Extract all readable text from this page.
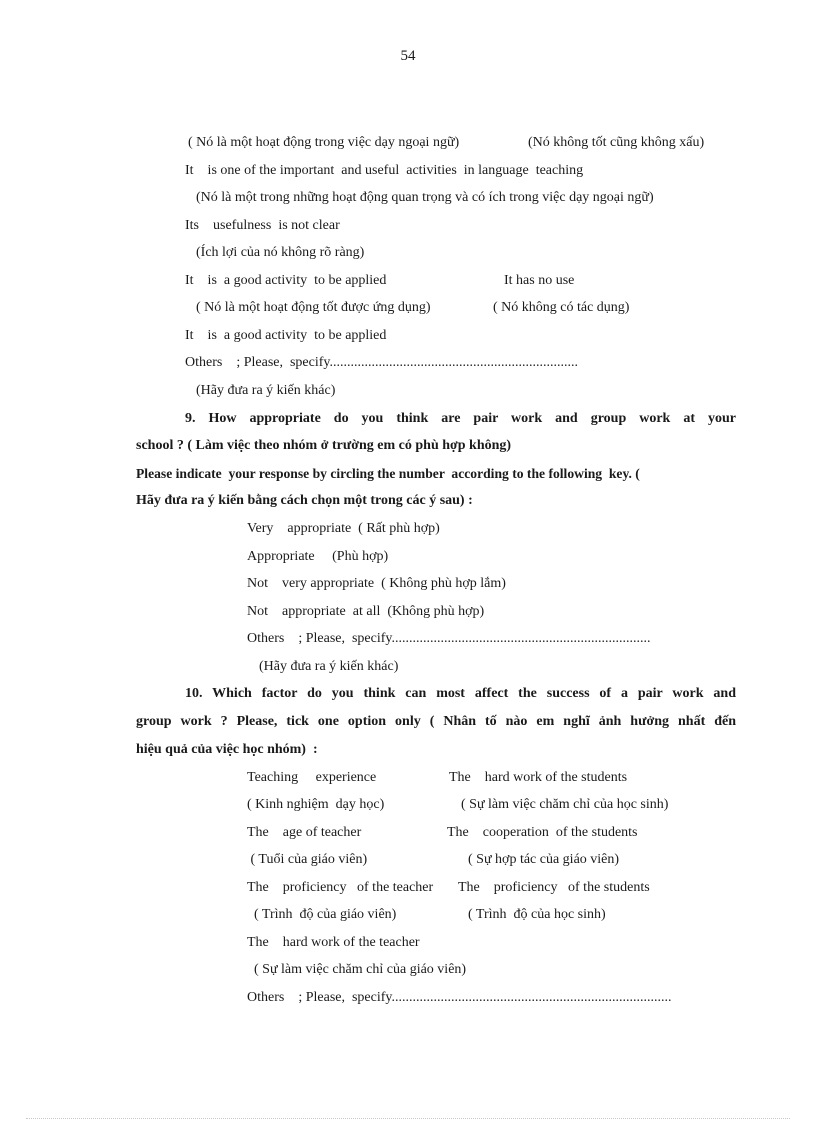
54
( Nó là một hoạt động trong việc dạy ngoại ngữ)	(Nó không tốt cũng không xấu)
It    is one of the important  and useful  activities  in language  teaching
(Nó là một trong những hoạt động quan trọng và có ích trong việc dạy ngoại ngữ)
Its    usefulness  is not clear
(Ích lợi của nó không rõ ràng)
It    is  a good activity  to be applied	It has no use
( Nó là một hoạt động tốt được ứng dụng)	( Nó không có tác dụng)
It    is  a good activity  to be applied
Others    ; Please,  specify.......................................................................
(Hãy đưa ra ý kiến khác)
9. How appropriate do you think are pair work and group work at your
school ? ( Làm việc theo nhóm ở trường em có phù hợp không)
Please indicate  your response by circling the number  according to the following  key. (
Hãy đưa ra ý kiến bằng cách chọn một trong các ý sau) :
Very    appropriate  ( Rất phù hợp)
Appropriate     (Phù hợp)
Not    very appropriate  ( Không phù hợp lắm)
Not    appropriate  at all  (Không phù hợp)
Others    ; Please,  specify..........................................................................
(Hãy đưa ra ý kiến khác)
10. Which factor do you think can most affect the success of a pair work and
group work ? Please, tick one option only ( Nhân tố nào em nghĩ ảnh hưởng nhất đến
hiệu quả của việc học nhóm)  :
Teaching     experience	The    hard work of the students
( Kinh nghiệm  dạy học)	( Sự làm việc chăm chỉ của học sinh)
The    age of teacher	The    cooperation  of the students
( Tuổi của giáo viên)	( Sự hợp tác của giáo viên)
The    proficiency   of the teacher The    proficiency   of the students
( Trình  độ của giáo viên)	( Trình  độ của học sinh)
The    hard work of the teacher
( Sự làm việc chăm chỉ của giáo viên)
Others    ; Please,  specify................................................................................
